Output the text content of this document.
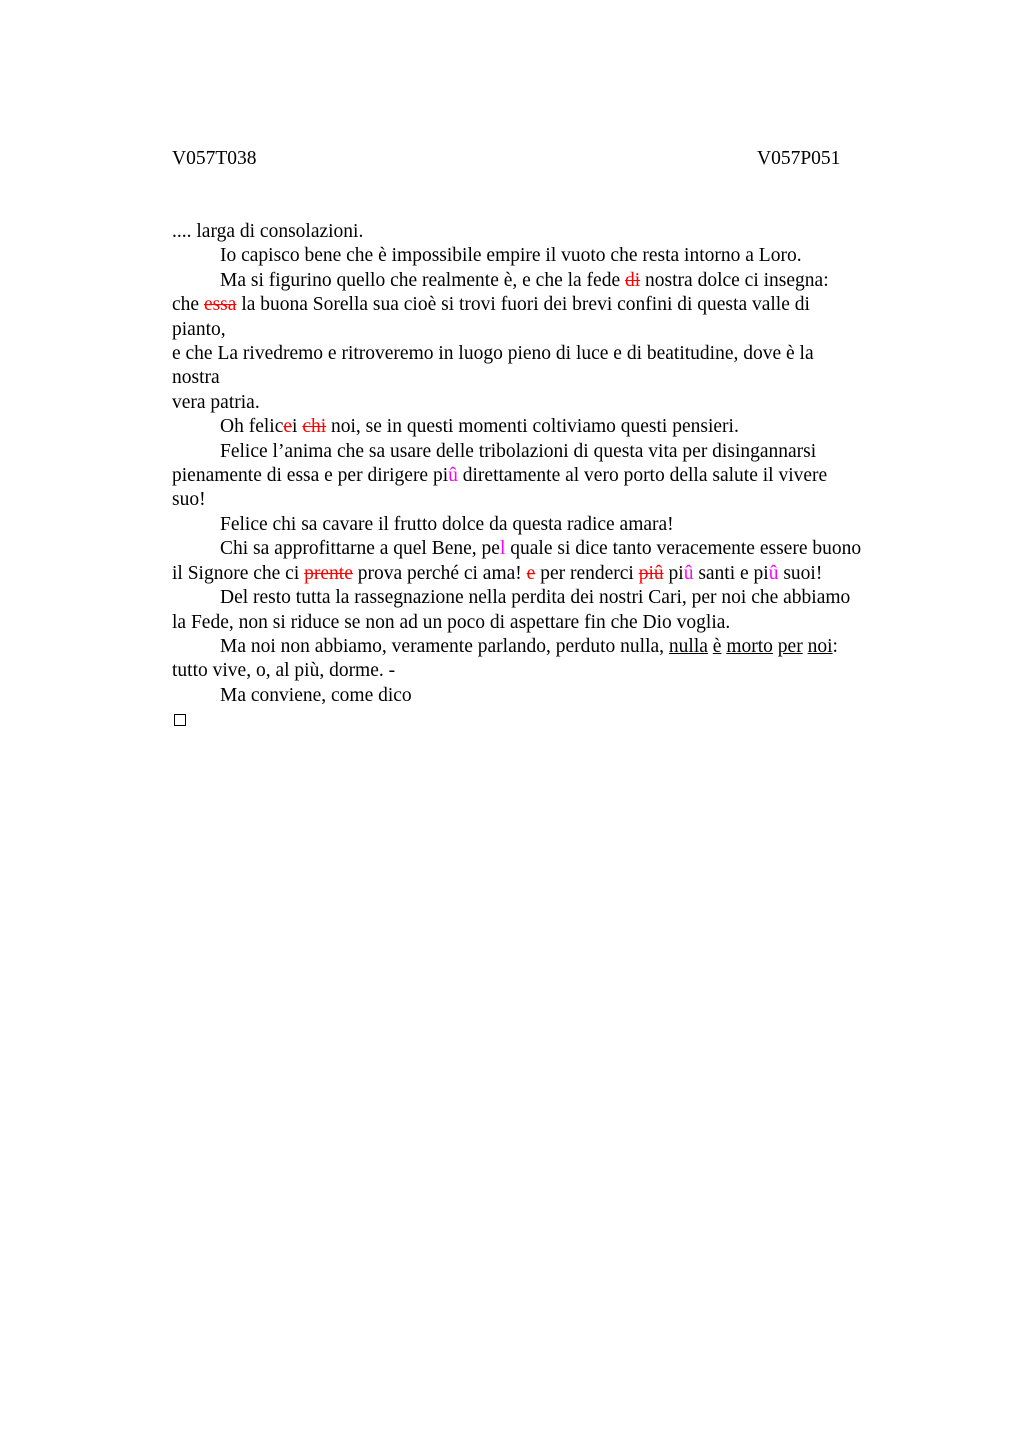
V057T038	V057P051
.... larga di consolazioni.
Io capisco bene che è impossibile empire il vuoto che resta intorno a Loro.
Ma si figurino quello che realmente è, e che la fede di nostra dolce ci insegna:
che essa la buona Sorella sua cioè si trovi fuori dei brevi confini di questa valle di
pianto,
e che La rivedremo e ritroveremo in luogo pieno di luce e di beatitudine, dove è la
nostra
vera patria.
Oh felicei chi noi, se in questi momenti coltiviamo questi pensieri.
Felice l’anima che sa usare delle tribolazioni di questa vita per disingannarsi
pienamente di essa e per dirigere piû direttamente al vero porto della salute il vivere
suo!
Felice chi sa cavare il frutto dolce da questa radice amara!
Chi sa approfittarne a quel Bene, pel quale si dice tanto veracemente essere buono
il Signore che ci prente prova perché ci ama! e per renderci piû piû santi e piû suoi!
Del resto tutta la rassegnazione nella perdita dei nostri Cari, per noi che abbiamo
la Fede, non si riduce se non ad un poco di aspettare fin che Dio voglia.
Ma noi non abbiamo, veramente parlando, perduto nulla, nulla è morto per noi:
tutto vive, o, al più, dorme. -
Ma conviene, come dico
